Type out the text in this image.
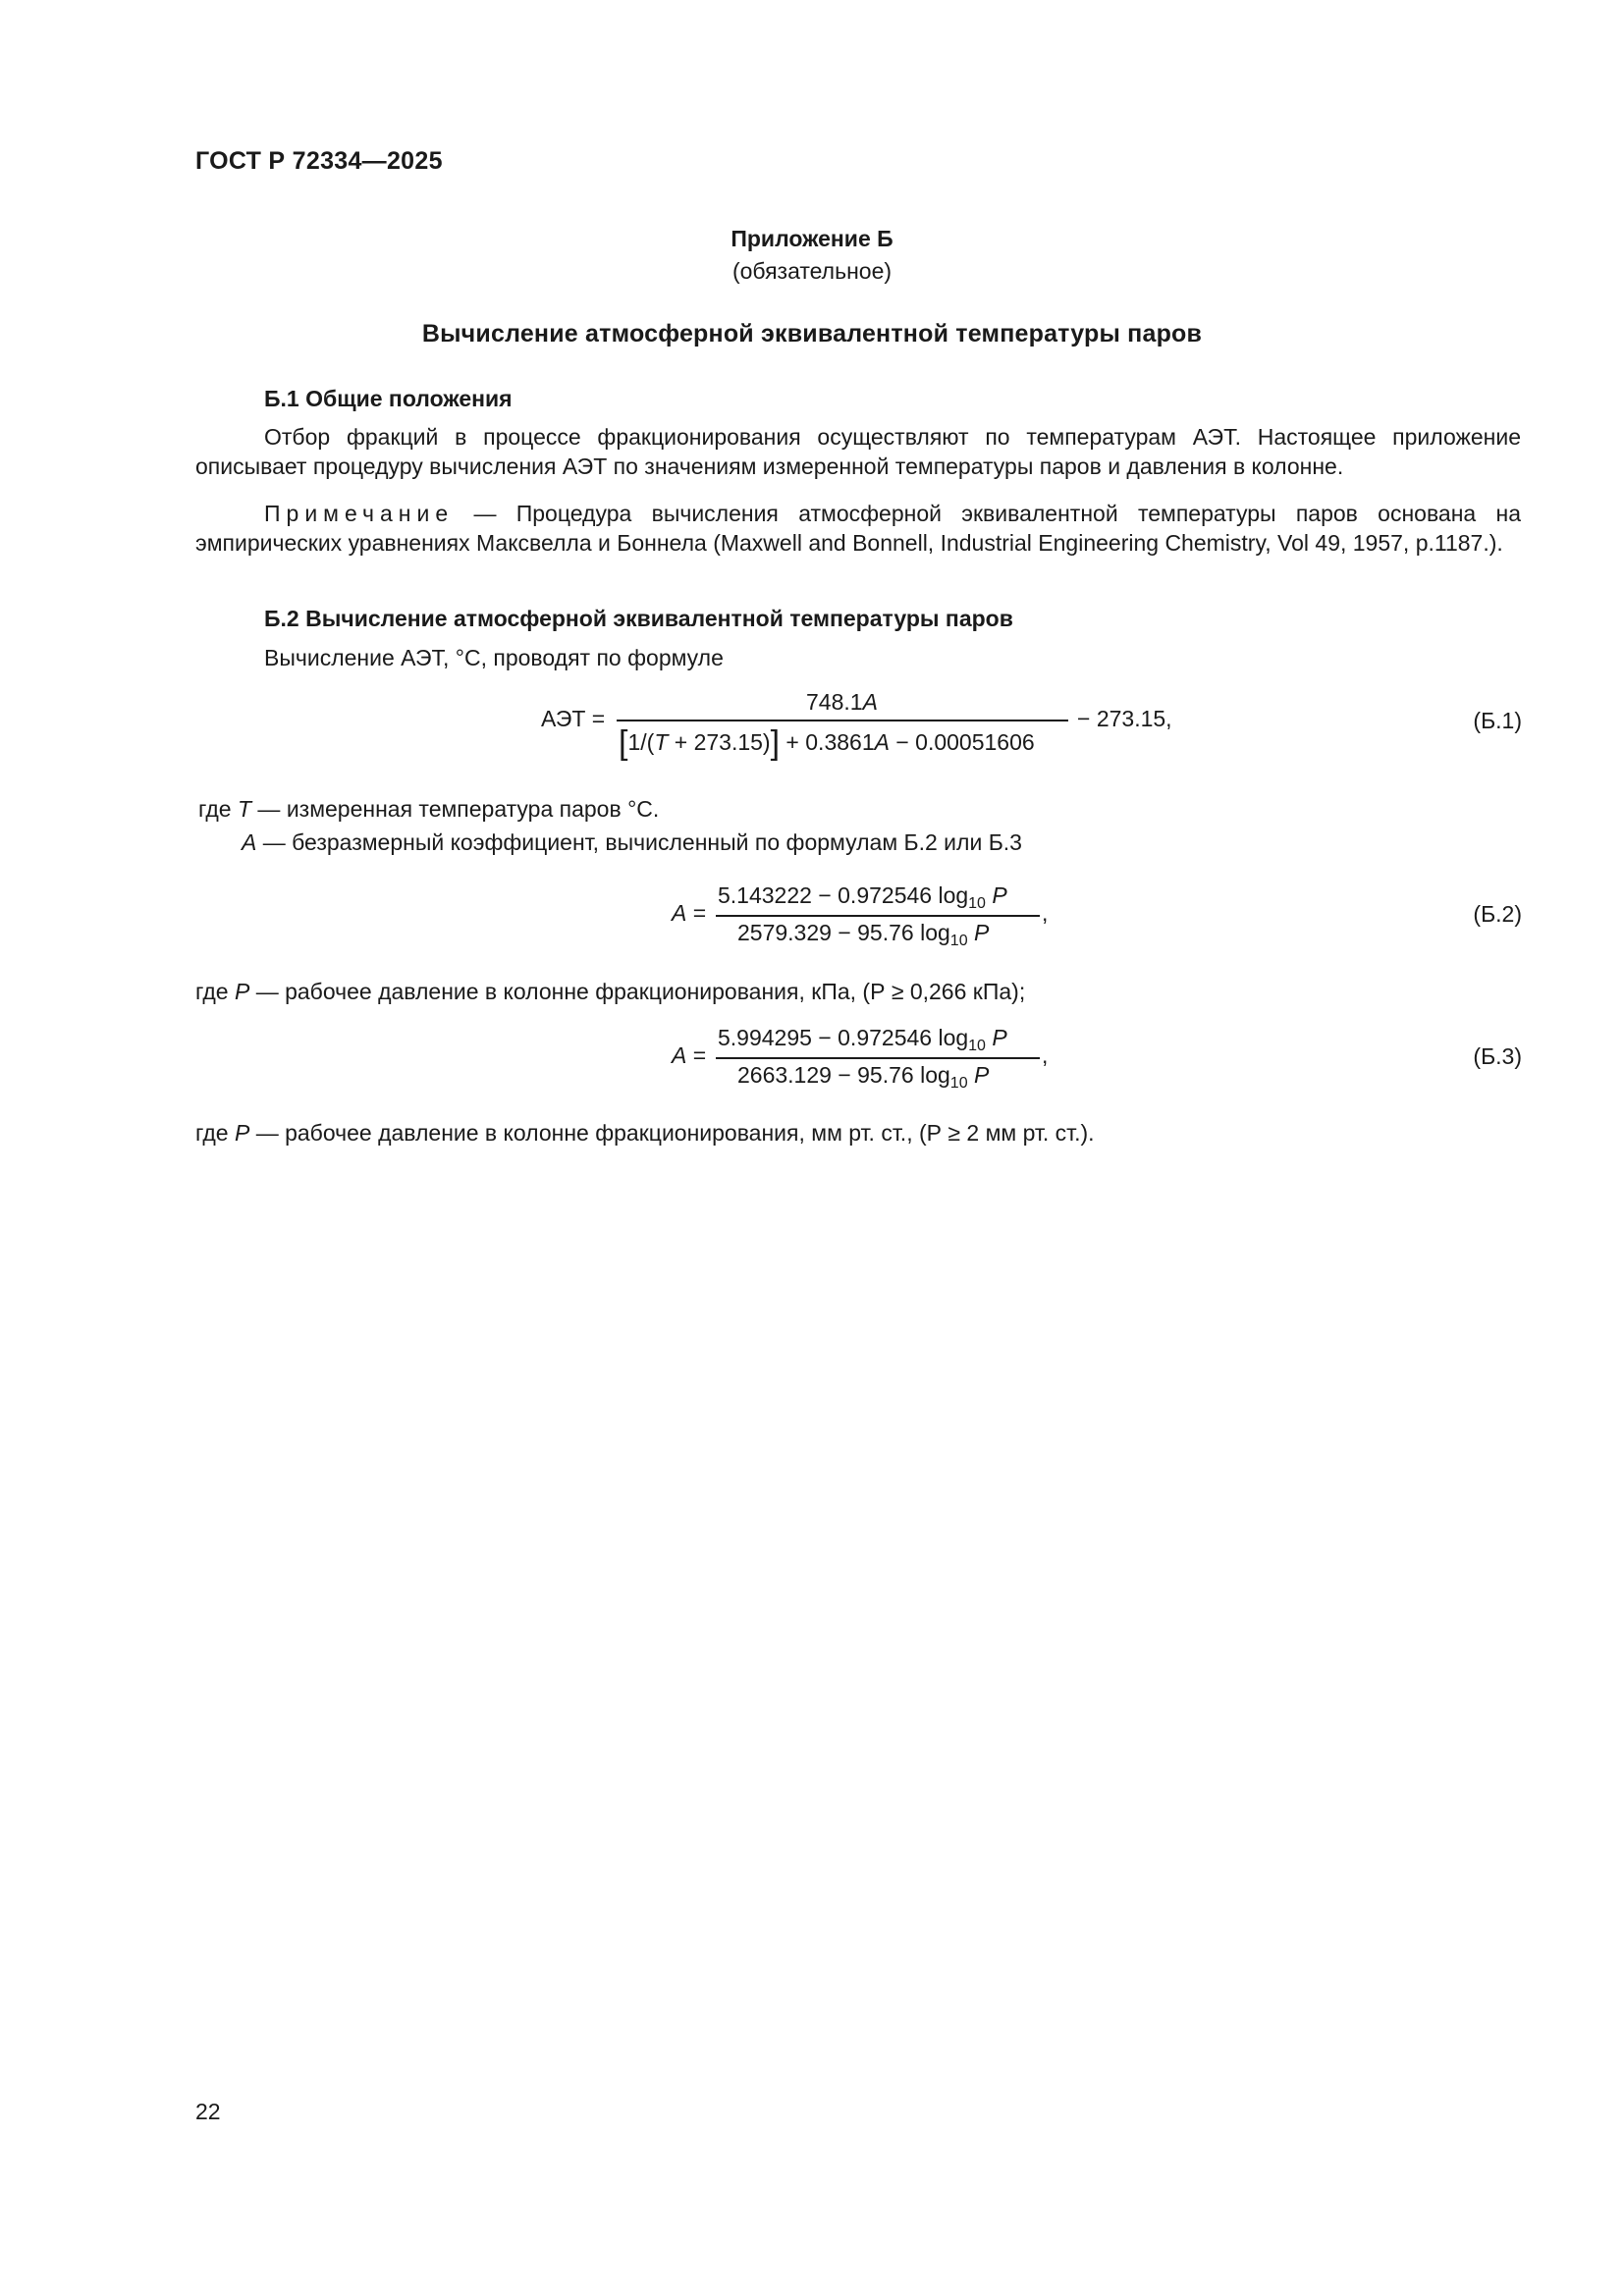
ГОСТ Р 72334—2025
Приложение Б
(обязательное)
Вычисление атмосферной эквивалентной температуры паров
Б.1 Общие положения
Отбор фракций в процессе фракционирования осуществляют по температурам АЭТ. Настоящее приложение описывает процедуру вычисления АЭТ по значениям измеренной температуры паров и давления в колонне.
Примечание — Процедура вычисления атмосферной эквивалентной температуры паров основана на эмпирических уравнениях Максвелла и Боннела (Maxwell and Bonnell, Industrial Engineering Chemistry, Vol 49, 1957, p.1187.).
Б.2 Вычисление атмосферной эквивалентной температуры паров
Вычисление АЭТ, °С, проводят по формуле
АЭТ =
748.1A
[1/(T + 273.15)] + 0.3861A − 0.00051606
− 273.15,	(Б.1)
где T — измеренная температура паров °С.
A — безразмерный коэффициент, вычисленный по формулам Б.2 или Б.3
A =
5.143222 − 0.972546 $\log_{10} P$
2579.329 − 95.76 $\log_{10} P$
,	(Б.2)
где P — рабочее давление в колонне фракционирования, кПа, (Р ≥ 0,266 кПа);
A =
5.994295 − 0.972546 $\log_{10} P$
2663.129 − 95.76 $\log_{10} P$
,	(Б.3)
где P — рабочее давление в колонне фракционирования, мм рт. ст., (Р ≥ 2 мм рт. ст.).
22
